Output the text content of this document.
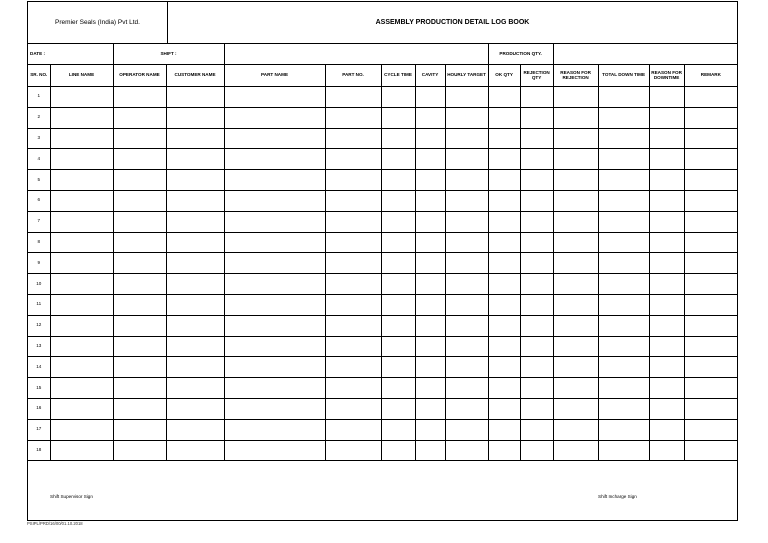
Premier Seals (India) Pvt Ltd.	ASSEMBLY PRODUCTION DETAIL LOG BOOK
DATE :		SHIFT :							PRODUCTION QTY.					
SR. NO.	LINE NAME	OPERATOR NAME	CUSTOMER NAME	PART NAME	PART NO.	CYCLE TIME	CAVITY	HOURLY TARGET	OK QTY	REJECTION QTY	REASON FOR REJECTION	TOTAL DOWN TIME	REASON FOR DOWNTIME	REMARK
1														
2														
3														
4														
5														
6														
7														
8														
9														
10														
11														
12														
13														
14														
15														
16														
17														
18														
Shift Supervisor Sign	Shift Incharge Sign
PSIPL/PRD/16/00/01.10.2018
